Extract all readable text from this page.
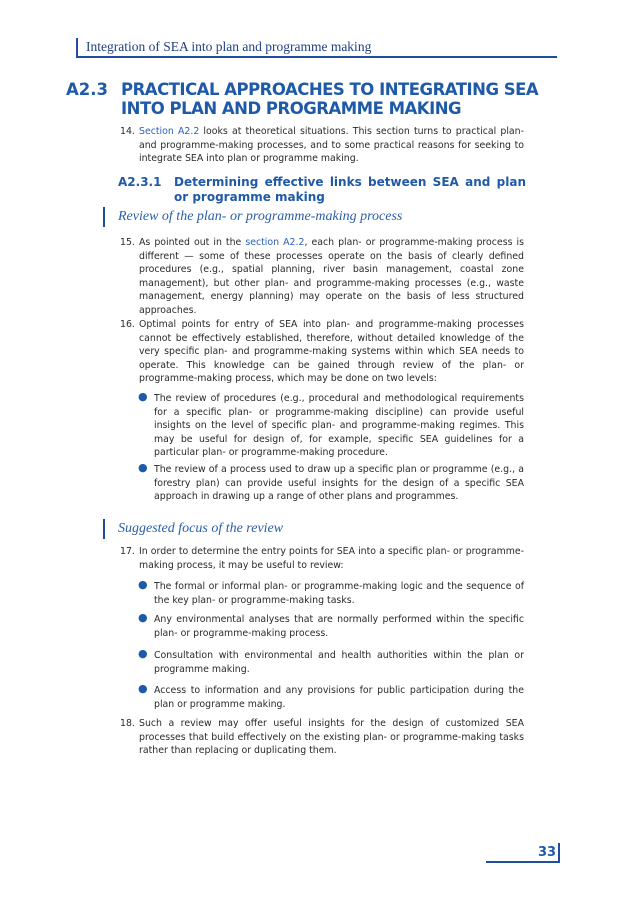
Integration of SEA into plan and programme making
A2.3 PRACTICAL APPROACHES TO INTEGRATING SEA INTO PLAN AND PROGRAMME MAKING
14. Section A2.2 looks at theoretical situations. This section turns to practical plan- and programme-making processes, and to some practical reasons for seeking to integrate SEA into plan or programme making.
A2.3.1 Determining effective links between SEA and plan or programme making
Review of the plan- or programme-making process
15. As pointed out in the section A2.2, each plan- or programme-making process is different — some of these processes operate on the basis of clearly defined procedures (e.g., spatial planning, river basin management, coastal zone management), but other plan- and programme-making processes (e.g., waste management, energy planning) may operate on the basis of less structured approaches.
16. Optimal points for entry of SEA into plan- and programme-making processes cannot be effectively established, therefore, without detailed knowledge of the very specific plan- and programme-making systems within which SEA needs to operate. This knowledge can be gained through review of the plan- or programme-making process, which may be done on two levels:
● The review of procedures (e.g., procedural and methodological requirements for a specific plan- or programme-making discipline) can provide useful insights on the level of specific plan- and programme-making regimes. This may be useful for design of, for example, specific SEA guidelines for a particular plan- or programme-making procedure.
● The review of a process used to draw up a specific plan or programme (e.g., a forestry plan) can provide useful insights for the design of a specific SEA approach in drawing up a range of other plans and programmes.
Suggested focus of the review
17. In order to determine the entry points for SEA into a specific plan- or programme-making process, it may be useful to review:
● The formal or informal plan- or programme-making logic and the sequence of the key plan- or programme-making tasks.
● Any environmental analyses that are normally performed within the specific plan- or programme-making process.
● Consultation with environmental and health authorities within the plan or programme making.
● Access to information and any provisions for public participation during the plan or programme making.
18. Such a review may offer useful insights for the design of customized SEA processes that build effectively on the existing plan- or programme-making tasks rather than replacing or duplicating them.
33
